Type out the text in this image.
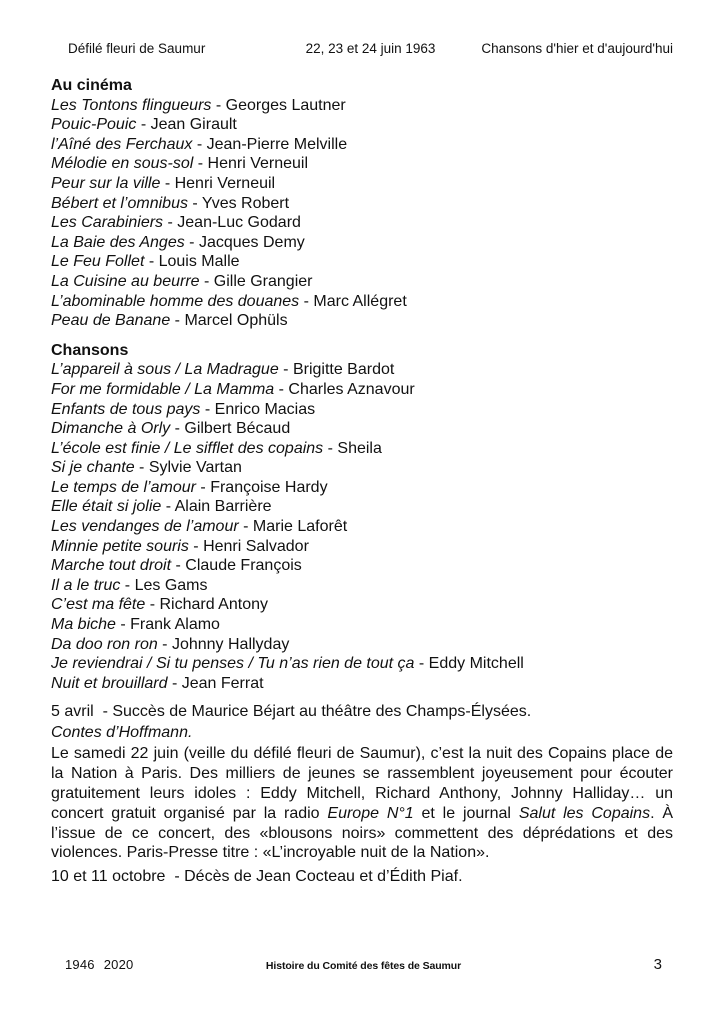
Défilé fleuri de Saumur	22, 23 et 24 juin 1963	Chansons d'hier et d'aujourd'hui
Au cinéma
Les Tontons flingueurs - Georges Lautner
Pouic-Pouic - Jean Girault
l’Aîné des Ferchaux - Jean-Pierre Melville
Mélodie en sous-sol - Henri Verneuil
Peur sur la ville - Henri Verneuil
Bébert et l’omnibus - Yves Robert
Les Carabiniers - Jean-Luc Godard
La Baie des Anges - Jacques Demy
Le Feu Follet - Louis Malle
La Cuisine au beurre - Gille Grangier
L’abominable homme des douanes - Marc Allégret
Peau de Banane - Marcel Ophüls
Chansons
L’appareil à sous / La Madrague - Brigitte Bardot
For me formidable / La Mamma - Charles Aznavour
Enfants de tous pays - Enrico Macias
Dimanche à Orly - Gilbert Bécaud
L’école est finie / Le sifflet des copains - Sheila
Si je chante - Sylvie Vartan
Le temps de l’amour - Françoise Hardy
Elle était si jolie - Alain Barrière
Les vendanges de l’amour - Marie Laforêt
Minnie petite souris - Henri Salvador
Marche tout droit - Claude François
Il a le truc - Les Gams
C’est ma fête - Richard Antony
Ma biche - Frank Alamo
Da doo ron ron - Johnny Hallyday
Je reviendrai / Si tu penses / Tu n’as rien de tout ça - Eddy Mitchell
Nuit et brouillard - Jean Ferrat

5 avril  - Succès de Maurice Béjart au théâtre des Champs-Élysées.
Contes d’Hoffmann.

Le samedi 22 juin (veille du défilé fleuri de Saumur), c’est la nuit des Copains place de la Nation à Paris. Des milliers de jeunes se rassemblent joyeusement pour écouter gratuitement leurs idoles : Eddy Mitchell, Richard Anthony, Johnny Halliday… un concert gratuit organisé par la radio Europe N°1 et le journal Salut les Copains. À l’issue de ce concert, des «blousons noirs» commettent des déprédations et des violences. Paris-Presse titre : «L’incroyable nuit de la Nation».

10 et 11 octobre  - Décès de Jean Cocteau et d’Édith Piaf.

1946 2020	Histoire du Comité des fêtes de Saumur	3
